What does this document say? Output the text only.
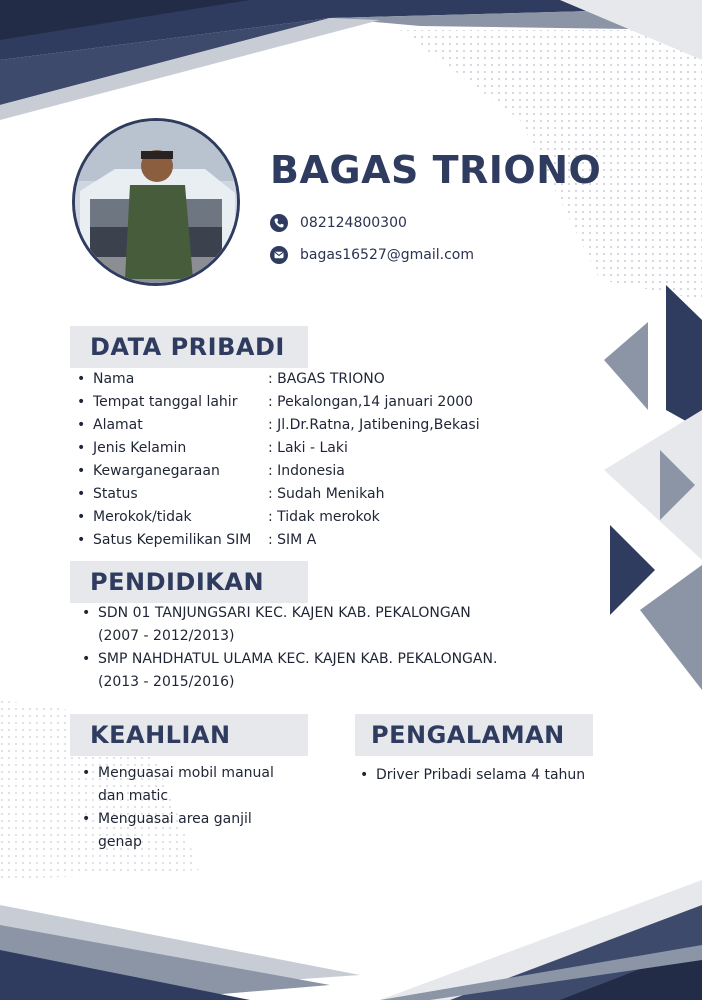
BAGAS TRIONO
082124800300
bagas16527@gmail.com
DATA PRIBADI
• Nama	: BAGAS TRIONO
• Tempat tanggal lahir	: Pekalongan,14 januari 2000
• Alamat	: Jl.Dr.Ratna, Jatibening,Bekasi
• Jenis Kelamin	: Laki - Laki
• Kewarganegaraan	: Indonesia
• Status	: Sudah Menikah
• Merokok/tidak	: Tidak merokok
• Satus Kepemilikan SIM	: SIM A
PENDIDIKAN
• SDN 01 TANJUNGSARI KEC. KAJEN KAB. PEKALONGAN
(2007 - 2012/2013)
• SMP NAHDHATUL ULAMA KEC. KAJEN KAB. PEKALONGAN.
(2013 - 2015/2016)
KEAHLIAN
• Menguasai mobil manual
dan matic
• Menguasai area ganjil
genap
PENGALAMAN
• Driver Pribadi selama 4 tahun
